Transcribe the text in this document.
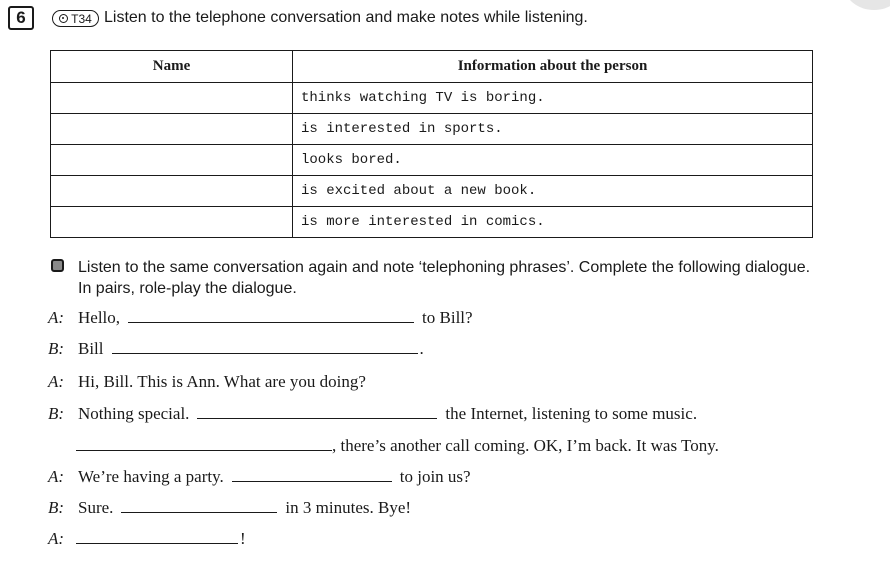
6	T34 Listen to the telephone conversation and make notes while listening.
Name	Information about the person
	thinks watching TV is boring.
	is interested in sports.
	looks bored.
	is excited about a new book.
	is more interested in comics.
Listen to the same conversation again and note ‘telephoning phrases’. Complete the following dialogue. In pairs, role-play the dialogue.
A: Hello,	to Bill?
B: Bill	.
A: Hi, Bill. This is Ann. What are you doing?
B: Nothing special.	the Internet, listening to some music.
, there’s another call coming. OK, I’m back. It was Tony.
A: We’re having a party.	to join us?
B: Sure.	in 3 minutes. Bye!
A:	!
